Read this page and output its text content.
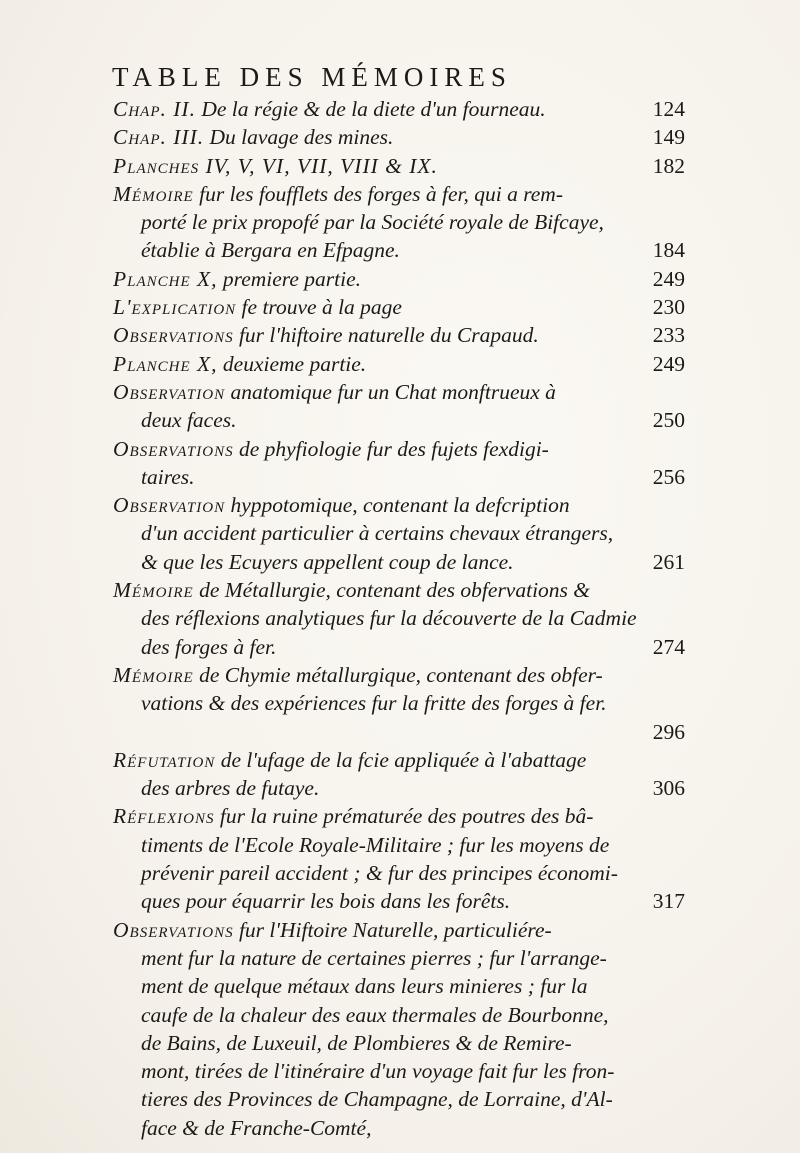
TABLE DES MÉMOIRES
Chap. II. De la régie & de la diete d'un fourneau.	124
Chap. III. Du lavage des mines.	149
Planches IV, V, VI, VII, VIII & IX.	182
Mémoire fur les foufflets des forges à fer, qui a rem-
porté le prix propofé par la Société royale de Bifcaye,
établie à Bergara en Efpagne.	184
Planche X, premiere partie.	249
L'explication fe trouve à la page	230
Observations fur l'hiftoire naturelle du Crapaud.	233
Planche X, deuxieme partie.	249
Observation anatomique fur un Chat monftrueux à
deux faces.	250
Observations de phyfiologie fur des fujets fexdigi-
taires.	256
Observation hyppotomique, contenant la defcription
d'un accident particulier à certains chevaux étrangers,
& que les Ecuyers appellent coup de lance.	261
Mémoire de Métallurgie, contenant des obfervations &
des réflexions analytiques fur la découverte de la Cadmie
des forges à fer.	274
Mémoire de Chymie métallurgique, contenant des obfer-
vations & des expériences fur la fritte des forges à fer.
296
Réfutation de l'ufage de la fcie appliquée à l'abattage
des arbres de futaye.	306
Réflexions fur la ruine prématurée des poutres des bâ-
timents de l'Ecole Royale-Militaire ; fur les moyens de
prévenir pareil accident ; & fur des principes économi-
ques pour équarrir les bois dans les forêts.	317
Observations fur l'Hiftoire Naturelle, particuliére-
ment fur la nature de certaines pierres ; fur l'arrange-
ment de quelque métaux dans leurs minieres ; fur la
caufe de la chaleur des eaux thermales de Bourbonne,
de Bains, de Luxeuil, de Plombieres & de Remire-
mont, tirées de l'itinéraire d'un voyage fait fur les fron-
tieres des Provinces de Champagne, de Lorraine, d'Al-
face & de Franche-Comté,
